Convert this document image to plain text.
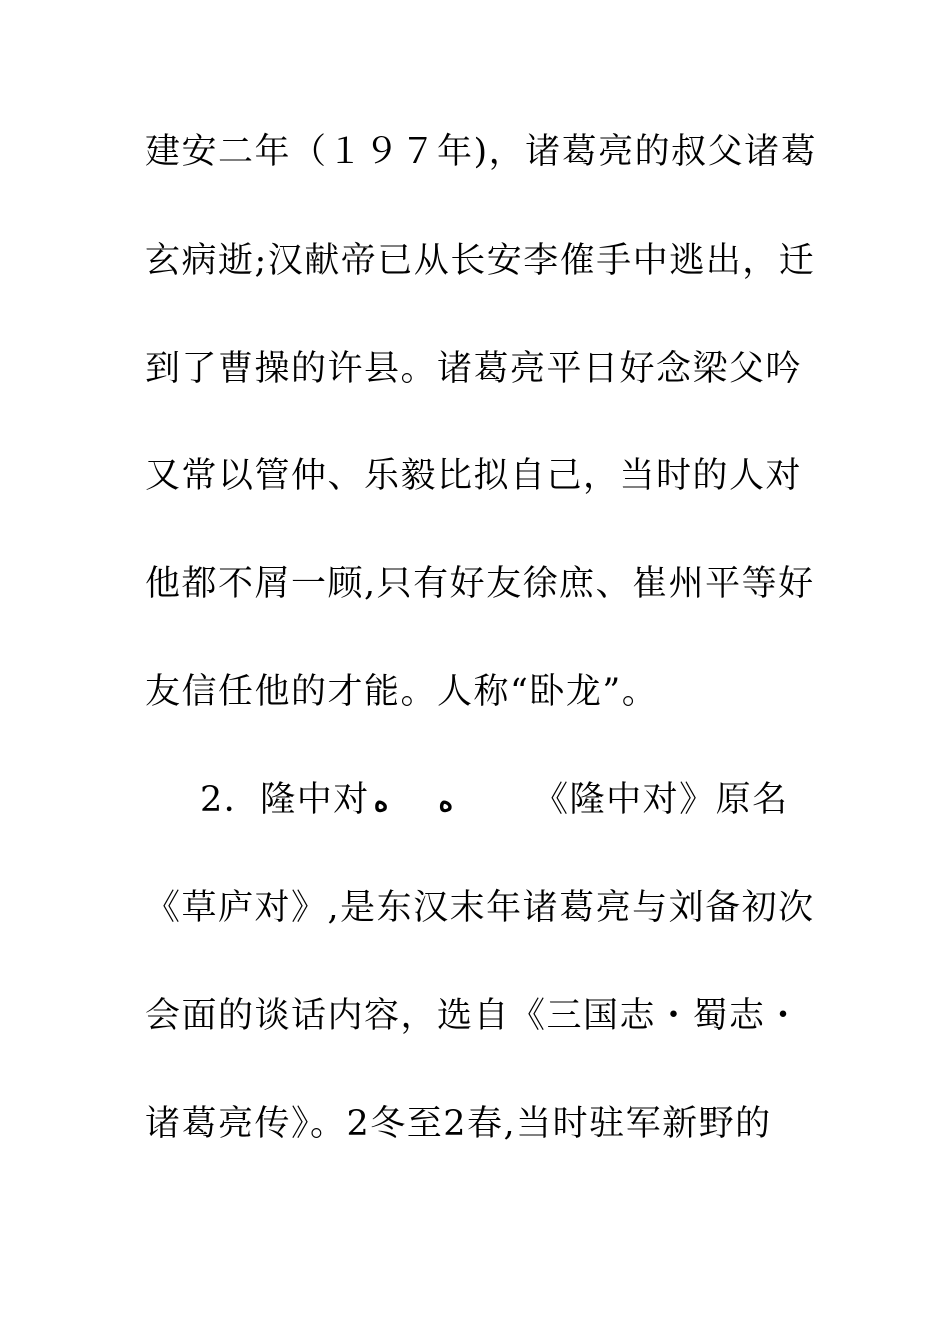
建安二年（１９７年)，诸葛亮的叔父诸葛
玄病逝;汉献帝已从长安李傕手中逃出，迁
到了曹操的许县。诸葛亮平日好念梁父吟
又常以管仲、乐毅比拟自己，当时的人对
他都不屑一顾,只有好友徐庶、崔州平等好
友信任他的才能。人称“卧龙”。
2．隆中对 ه ه 《隆中对》原名
《草庐对》,是东汉末年诸葛亮与刘备初次
会面的谈话内容，选自《三国志・蜀志・
诸葛亮传》。2冬至2春,当时驻军新野的
